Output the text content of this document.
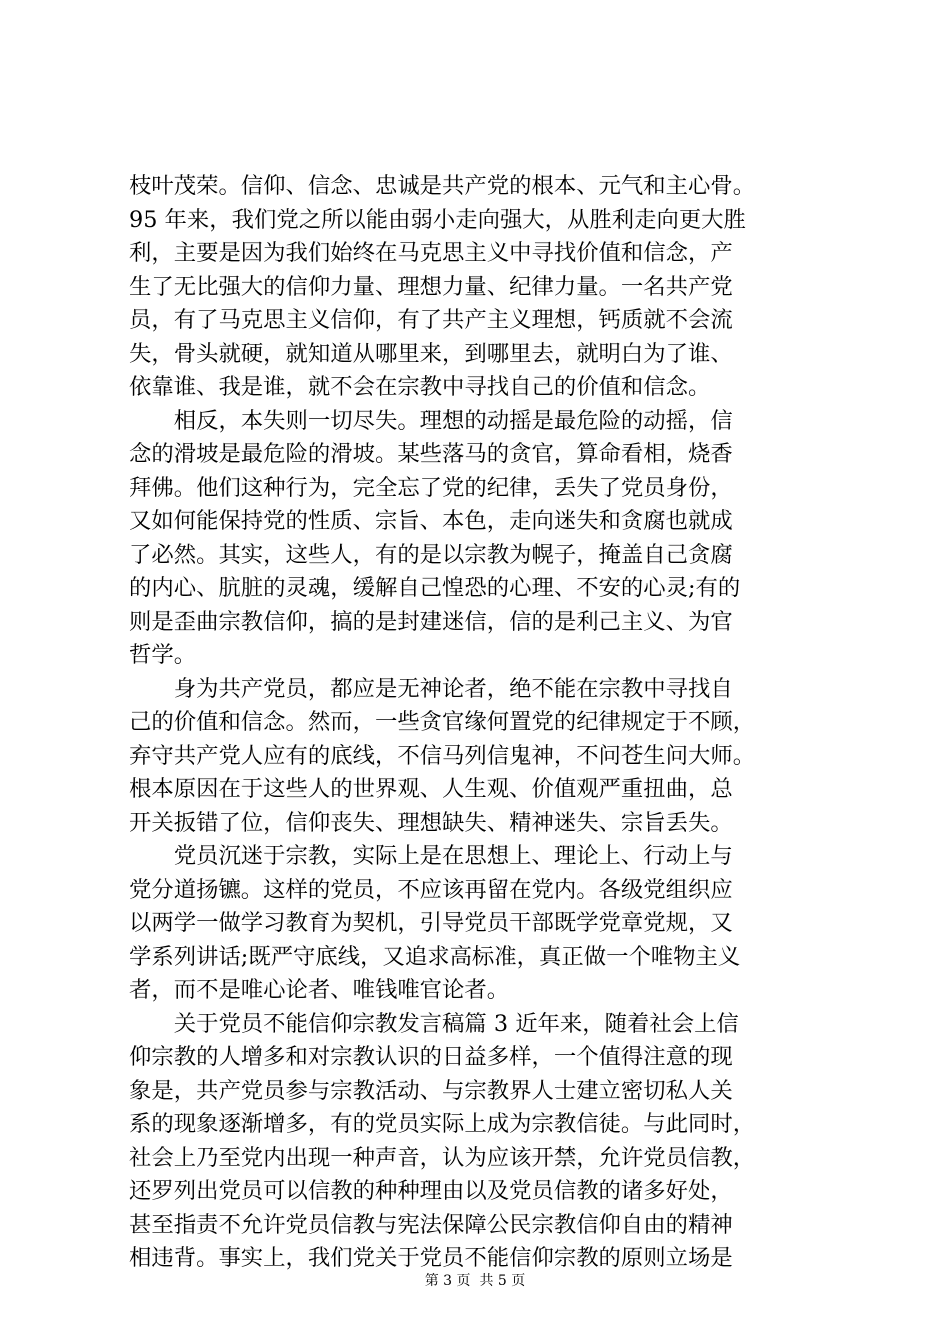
枝叶茂荣。信仰、信念、忠诚是共产党的根本、元气和主心骨。
95 年来，我们党之所以能由弱小走向强大，从胜利走向更大胜
利，主要是因为我们始终在马克思主义中寻找价值和信念，产
生了无比强大的信仰力量、理想力量、纪律力量。一名共产党
员，有了马克思主义信仰，有了共产主义理想，钙质就不会流
失，骨头就硬，就知道从哪里来，到哪里去，就明白为了谁、
依靠谁、我是谁，就不会在宗教中寻找自己的价值和信念。
　　相反，本失则一切尽失。理想的动摇是最危险的动摇，信
念的滑坡是最危险的滑坡。某些落马的贪官，算命看相，烧香
拜佛。他们这种行为，完全忘了党的纪律，丢失了党员身份，
又如何能保持党的性质、宗旨、本色，走向迷失和贪腐也就成
了必然。其实，这些人，有的是以宗教为幌子，掩盖自己贪腐
的内心、肮脏的灵魂，缓解自己惶恐的心理、不安的心灵;有的
则是歪曲宗教信仰，搞的是封建迷信，信的是利己主义、为官
哲学。
　　身为共产党员，都应是无神论者，绝不能在宗教中寻找自
己的价值和信念。然而，一些贪官缘何置党的纪律规定于不顾，
弃守共产党人应有的底线，不信马列信鬼神，不问苍生问大师。
根本原因在于这些人的世界观、人生观、价值观严重扭曲，总
开关扳错了位，信仰丧失、理想缺失、精神迷失、宗旨丢失。
　　党员沉迷于宗教，实际上是在思想上、理论上、行动上与
党分道扬镳。这样的党员，不应该再留在党内。各级党组织应
以两学一做学习教育为契机，引导党员干部既学党章党规，又
学系列讲话;既严守底线，又追求高标准，真正做一个唯物主义
者，而不是唯心论者、唯钱唯官论者。
　　关于党员不能信仰宗教发言稿篇 3 近年来，随着社会上信
仰宗教的人增多和对宗教认识的日益多样，一个值得注意的现
象是，共产党员参与宗教活动、与宗教界人士建立密切私人关
系的现象逐渐增多，有的党员实际上成为宗教信徒。与此同时，
社会上乃至党内出现一种声音，认为应该开禁，允许党员信教，
还罗列出党员可以信教的种种理由以及党员信教的诸多好处，
甚至指责不允许党员信教与宪法保障公民宗教信仰自由的精神
相违背。事实上，我们党关于党员不能信仰宗教的原则立场是
第 3 页  共 5 页
